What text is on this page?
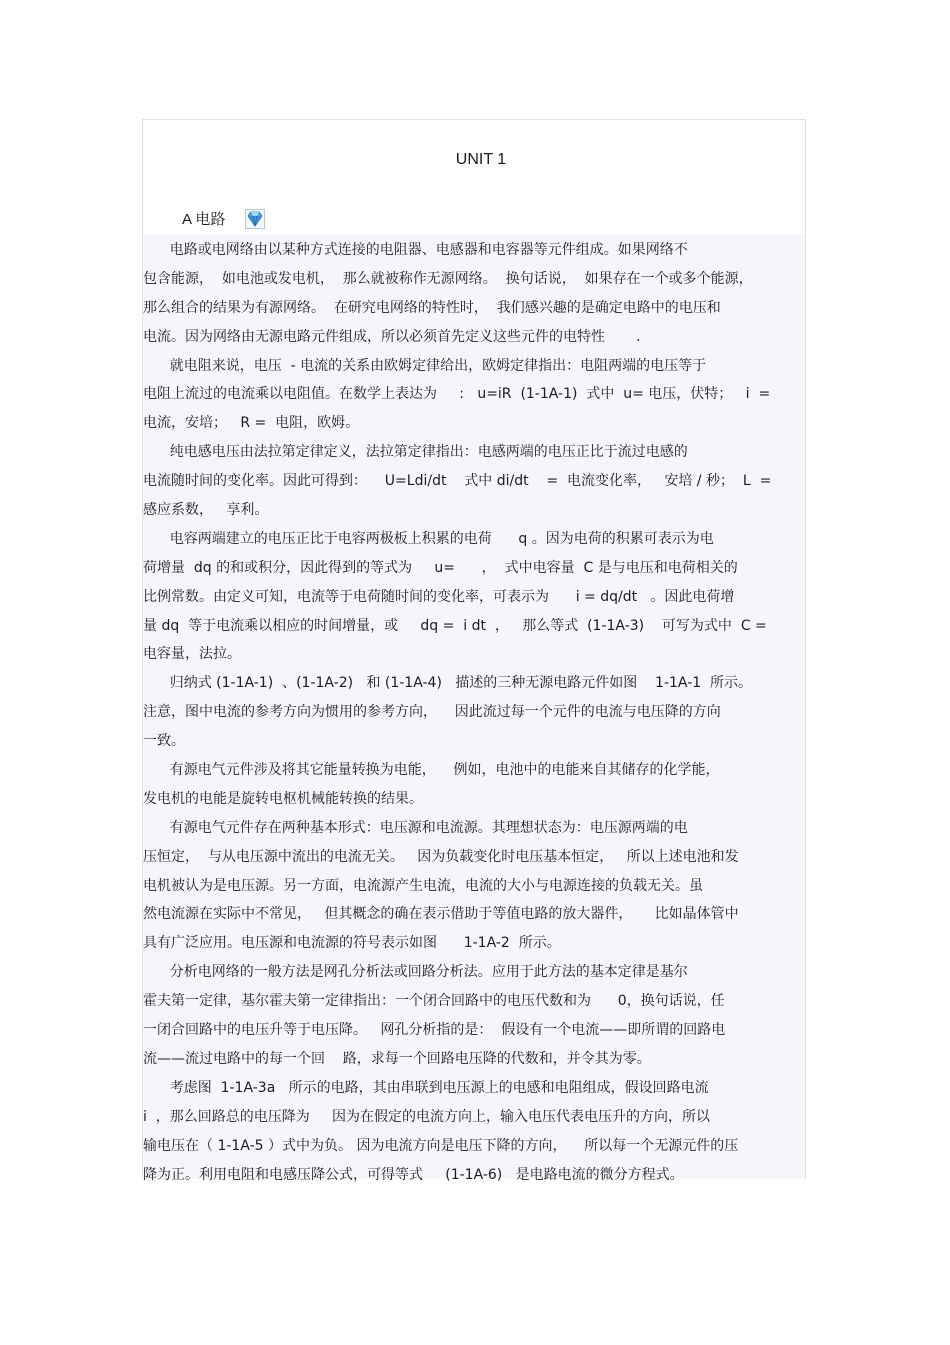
UNIT 1
A 电路
电路或电网络由以某种方式连接的电阻器、电感器和电容器等元件组成。如果网络不
包含能源，  如电池或发电机，  那么就被称作无源网络。  换句话说，  如果存在一个或多个能源，
那么组合的结果为有源网络。  在研究电网络的特性时，  我们感兴趣的是确定电路中的电压和
电流。因为网络由无源电路元件组成，所以必须首先定义这些元件的电特性       .
就电阻来说，电压  - 电流的关系由欧姆定律给出，欧姆定律指出：电阻两端的电压等于
电阻上流过的电流乘以电阻值。在数学上表达为     :   u=iR  (1-1A-1)  式中  u= 电压，伏特；   i  =
电流，安培；   R =  电阻，欧姆。
纯电感电压由法拉第定律定义，法拉第定律指出：电感两端的电压正比于流过电感的
电流随时间的变化率。因此可得到：    U=Ldi/dt    式中 di/dt    =  电流变化率，   安培 / 秒；  L  =
感应系数，   享利。
电容两端建立的电压正比于电容两极板上积累的电荷      q 。因为电荷的积累可表示为电
荷增量  dq 的和或积分，因此得到的等式为     u=      ，  式中电容量  C 是与电压和电荷相关的
比例常数。由定义可知，电流等于电荷随时间的变化率，可表示为      i = dq/dt   。因此电荷增
量 dq  等于电流乘以相应的时间增量，或     dq =  i dt  ，   那么等式  (1-1A-3)    可写为式中  C =
电容量，法拉。
归纳式 (1-1A-1)  、(1-1A-2)   和 (1-1A-4)   描述的三种无源电路元件如图    1-1A-1  所示。
注意，图中电流的参考方向为惯用的参考方向，    因此流过每一个元件的电流与电压降的方向
一致。
有源电气元件涉及将其它能量转换为电能，    例如，电池中的电能来自其储存的化学能，
发电机的电能是旋转电枢机械能转换的结果。
有源电气元件存在两种基本形式：电压源和电流源。其理想状态为：电压源两端的电
压恒定，  与从电压源中流出的电流无关。   因为负载变化时电压基本恒定，   所以上述电池和发
电机被认为是电压源。另一方面，电流源产生电流，电流的大小与电源连接的负载无关。虽
然电流源在实际中不常见，   但其概念的确在表示借助于等值电路的放大器件，     比如晶体管中
具有广泛应用。电压源和电流源的符号表示如图      1-1A-2  所示。
分析电网络的一般方法是网孔分析法或回路分析法。应用于此方法的基本定律是基尔
霍夫第一定律，基尔霍夫第一定律指出：一个闭合回路中的电压代数和为      0，换句话说，任
一闭合回路中的电压升等于电压降。   网孔分析指的是：  假设有一个电流——即所谓的回路电
流——流过电路中的每一个回    路，求每一个回路电压降的代数和，并令其为零。
考虑图  1-1A-3a   所示的电路，其由串联到电压源上的电感和电阻组成，假设回路电流
i  ，那么回路总的电压降为     因为在假定的电流方向上，输入电压代表电压升的方向，所以
输电压在（ 1-1A-5 ）式中为负。 因为电流方向是电压下降的方向，    所以每一个无源元件的压
降为正。利用电阻和电感压降公式，可得等式     (1-1A-6)   是电路电流的微分方程式。
